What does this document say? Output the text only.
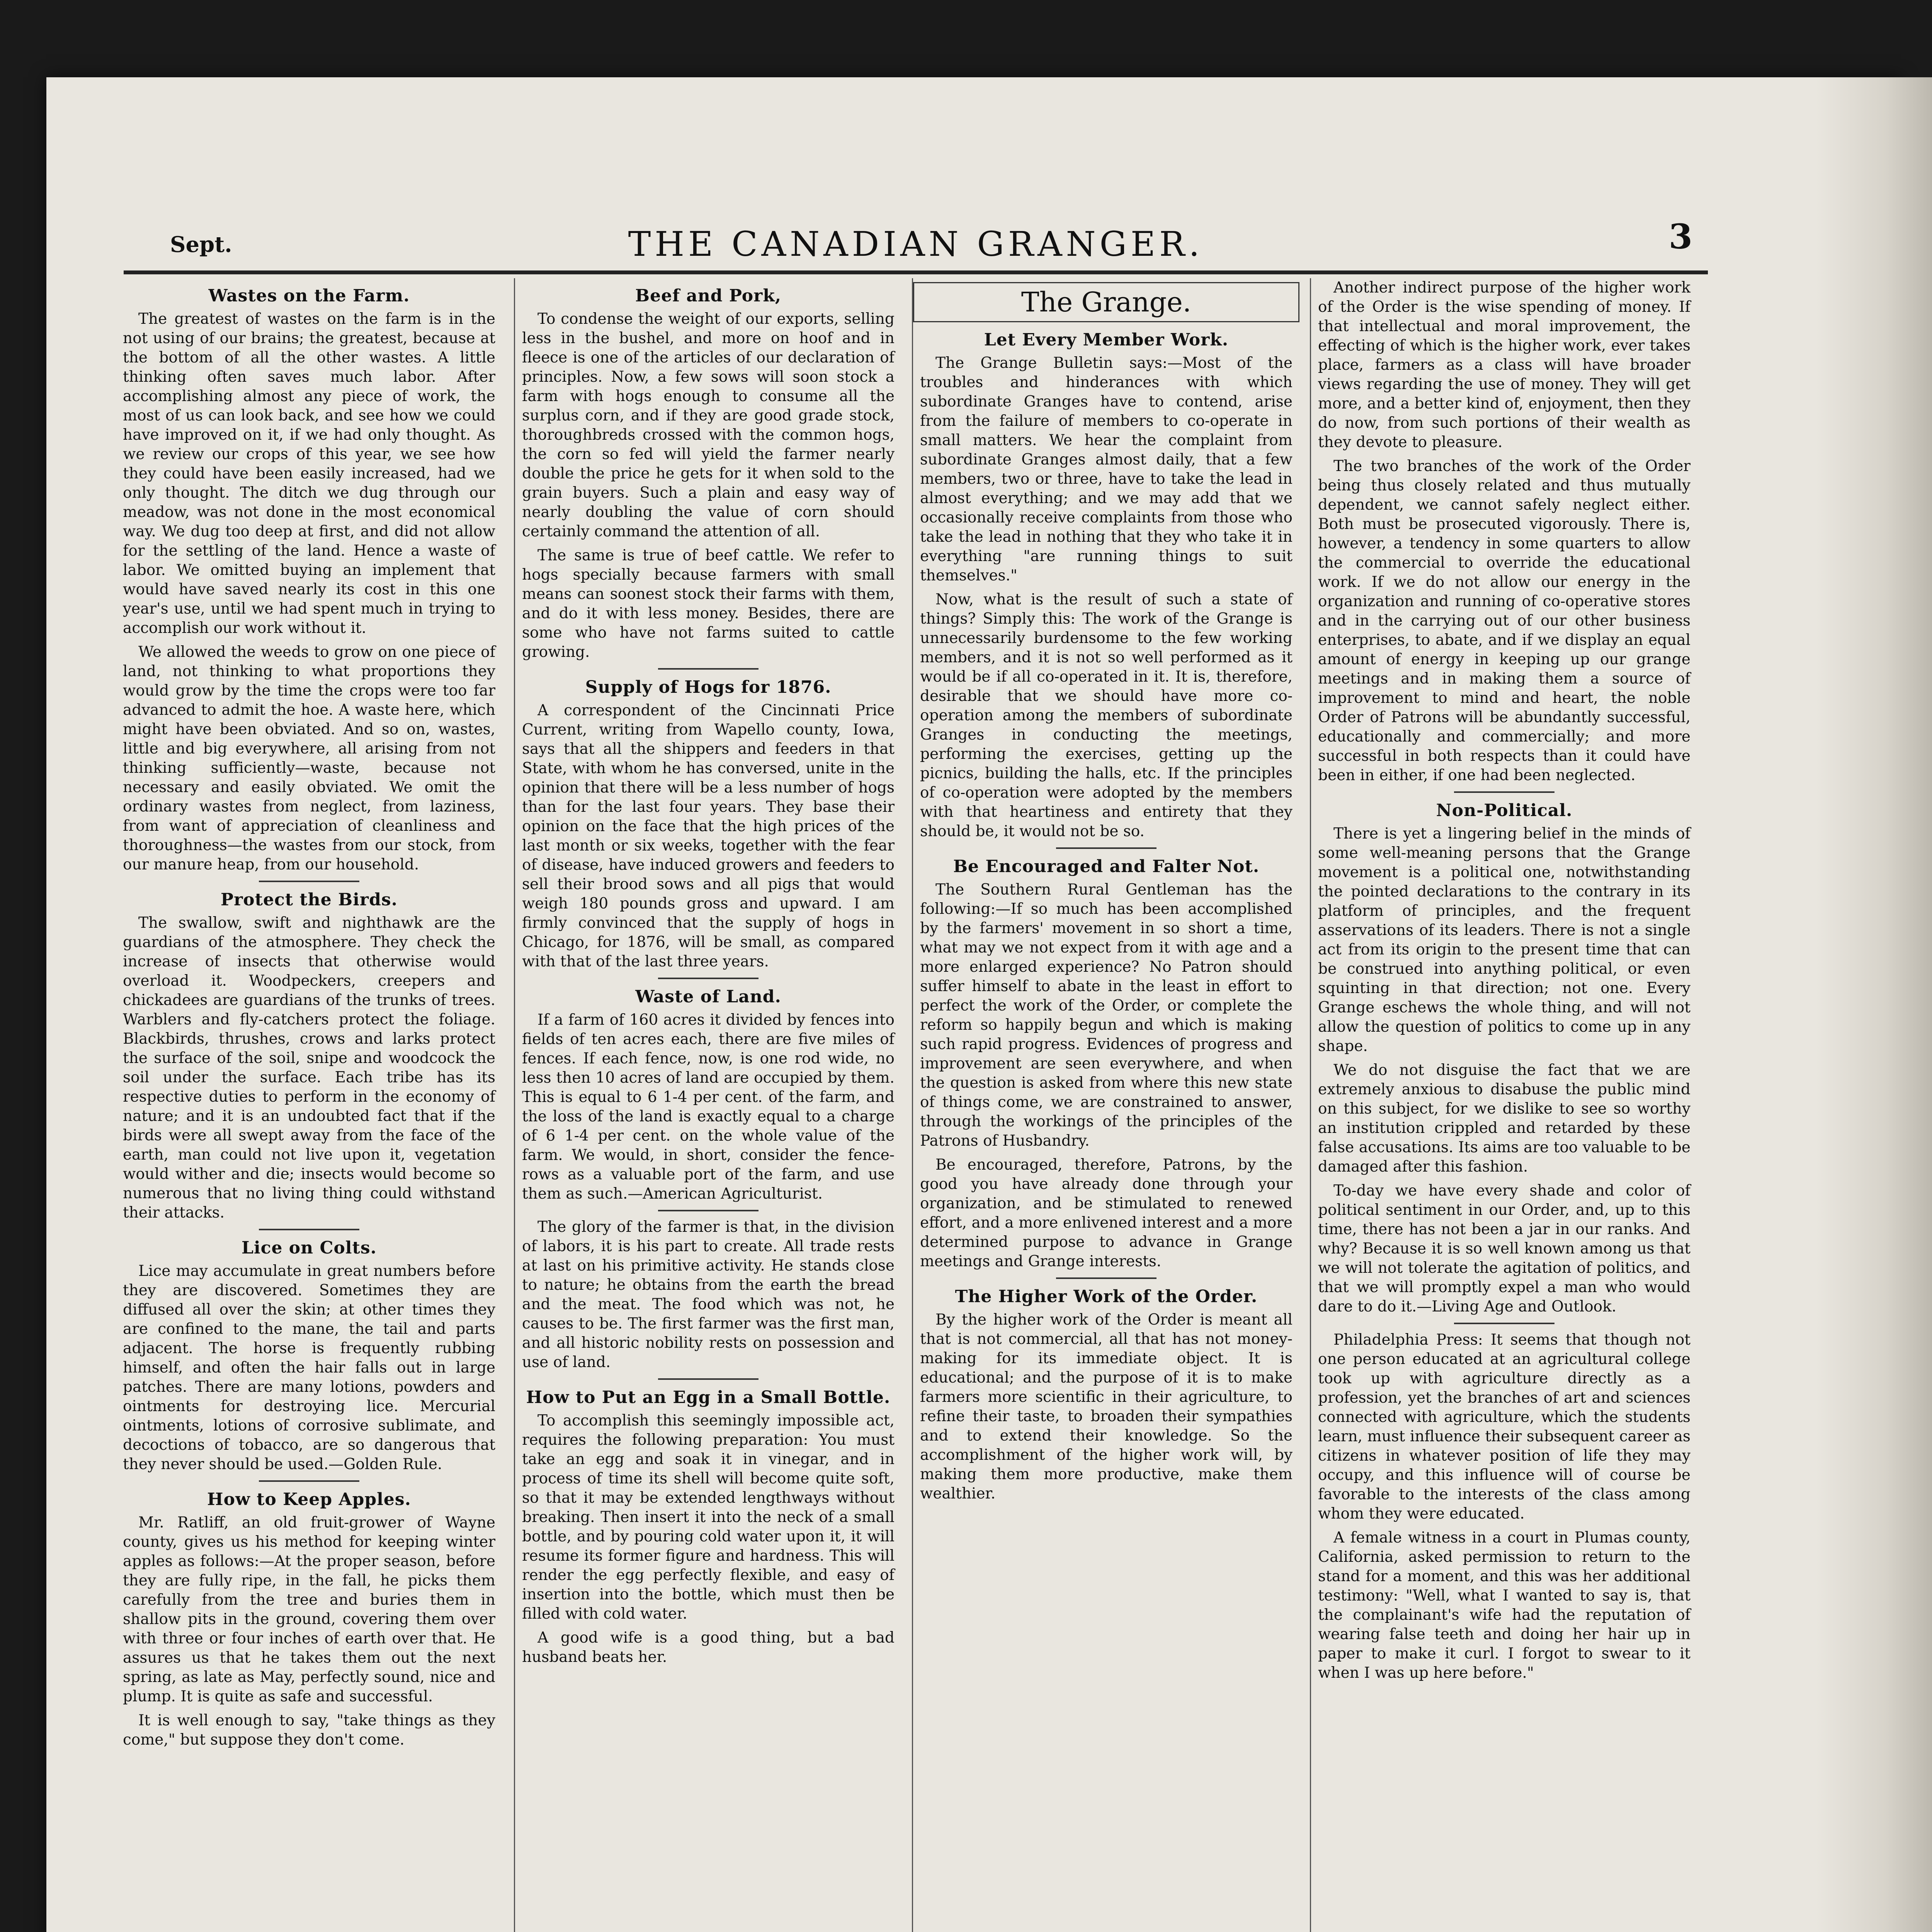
Sept.	THE CANADIAN GRANGER.	3
Wastes on the Farm.

The greatest of wastes on the farm is in the not using of our brains; the greatest, because at the bottom of all the other wastes. A little thinking often saves much labor. After accomplishing almost any piece of work, the most of us can look back, and see how we could have improved on it, if we had only thought. As we review our crops of this year, we see how they could have been easily increased, had we only thought. The ditch we dug through our meadow, was not done in the most economical way. We dug too deep at first, and did not allow for the settling of the land. Hence a waste of labor. We omitted buying an implement that would have saved nearly its cost in this one year's use, until we had spent much in trying to accomplish our work without it.

We allowed the weeds to grow on one piece of land, not thinking to what proportions they would grow by the time the crops were too far advanced to admit the hoe. A waste here, which might have been obviated. And so on, wastes, little and big everywhere, all arising from not thinking sufficiently—waste, because not necessary and easily obviated. We omit the ordinary wastes from neglect, from laziness, from want of appreciation of cleanliness and thoroughness—the wastes from our stock, from our manure heap, from our household.

Protect the Birds.

The swallow, swift and nighthawk are the guardians of the atmosphere. They check the increase of insects that otherwise would overload it. Woodpeckers, creepers and chickadees are guardians of the trunks of trees. Warblers and fly-catchers protect the foliage. Blackbirds, thrushes, crows and larks protect the surface of the soil, snipe and woodcock the soil under the surface. Each tribe has its respective duties to perform in the economy of nature; and it is an undoubted fact that if the birds were all swept away from the face of the earth, man could not live upon it, vegetation would wither and die; insects would become so numerous that no living thing could withstand their attacks.

Lice on Colts.

Lice may accumulate in great numbers before they are discovered. Sometimes they are diffused all over the skin; at other times they are confined to the mane, the tail and parts adjacent. The horse is frequently rubbing himself, and often the hair falls out in large patches. There are many lotions, powders and ointments for destroying lice. Mercurial ointments, lotions of corrosive sublimate, and decoctions of tobacco, are so dangerous that they never should be used.—Golden Rule.

How to Keep Apples.

Mr. Ratliff, an old fruit-grower of Wayne county, gives us his method for keeping winter apples as follows:—At the proper season, before they are fully ripe, in the fall, he picks them carefully from the tree and buries them in shallow pits in the ground, covering them over with three or four inches of earth over that. He assures us that he takes them out the next spring, as late as May, perfectly sound, nice and plump. It is quite as safe and successful.

It is well enough to say, "take things as they come," but suppose they don't come.

Beef and Pork,

To condense the weight of our exports, selling less in the bushel, and more on hoof and in fleece is one of the articles of our declaration of principles. Now, a few sows will soon stock a farm with hogs enough to consume all the surplus corn, and if they are good grade stock, thoroughbreds crossed with the common hogs, the corn so fed will yield the farmer nearly double the price he gets for it when sold to the grain buyers. Such a plain and easy way of nearly doubling the value of corn should certainly command the attention of all.

The same is true of beef cattle. We refer to hogs specially because farmers with small means can soonest stock their farms with them, and do it with less money. Besides, there are some who have not farms suited to cattle growing.

Supply of Hogs for 1876.

A correspondent of the Cincinnati Price Current, writing from Wapello county, Iowa, says that all the shippers and feeders in that State, with whom he has conversed, unite in the opinion that there will be a less number of hogs than for the last four years. They base their opinion on the face that the high prices of the last month or six weeks, together with the fear of disease, have induced growers and feeders to sell their brood sows and all pigs that would weigh 180 pounds gross and upward. I am firmly convinced that the supply of hogs in Chicago, for 1876, will be small, as compared with that of the last three years.

Waste of Land.

If a farm of 160 acres it divided by fences into fields of ten acres each, there are five miles of fences. If each fence, now, is one rod wide, no less then 10 acres of land are occupied by them. This is equal to 6 1-4 per cent. of the farm, and the loss of the land is exactly equal to a charge of 6 1-4 per cent. on the whole value of the farm. We would, in short, consider the fence-rows as a valuable port of the farm, and use them as such.—American Agriculturist.

The glory of the farmer is that, in the division of labors, it is his part to create. All trade rests at last on his primitive activity. He stands close to nature; he obtains from the earth the bread and the meat. The food which was not, he causes to be. The first farmer was the first man, and all historic nobility rests on possession and use of land.

How to Put an Egg in a Small Bottle.

To accomplish this seemingly impossible act, requires the following preparation: You must take an egg and soak it in vinegar, and in process of time its shell will become quite soft, so that it may be extended lengthways without breaking. Then insert it into the neck of a small bottle, and by pouring cold water upon it, it will resume its former figure and hardness. This will render the egg perfectly flexible, and easy of insertion into the bottle, which must then be filled with cold water.

A good wife is a good thing, but a bad husband beats her.

The Grange.
Let Every Member Work.

The Grange Bulletin says:—Most of the troubles and hinderances with which subordinate Granges have to contend, arise from the failure of members to co-operate in small matters. We hear the complaint from subordinate Granges almost daily, that a few members, two or three, have to take the lead in almost everything; and we may add that we occasionally receive complaints from those who take the lead in nothing that they who take it in everything "are running things to suit themselves."

Now, what is the result of such a state of things? Simply this: The work of the Grange is unnecessarily burdensome to the few working members, and it is not so well performed as it would be if all co-operated in it. It is, therefore, desirable that we should have more co-operation among the members of subordinate Granges in conducting the meetings, performing the exercises, getting up the picnics, building the halls, etc. If the principles of co-operation were adopted by the members with that heartiness and entirety that they should be, it would not be so.

Be Encouraged and Falter Not.

The Southern Rural Gentleman has the following:—If so much has been accomplished by the farmers' movement in so short a time, what may we not expect from it with age and a more enlarged experience? No Patron should suffer himself to abate in the least in effort to perfect the work of the Order, or complete the reform so happily begun and which is making such rapid progress. Evidences of progress and improvement are seen everywhere, and when the question is asked from where this new state of things come, we are constrained to answer, through the workings of the principles of the Patrons of Husbandry.

Be encouraged, therefore, Patrons, by the good you have already done through your organization, and be stimulated to renewed effort, and a more enlivened interest and a more determined purpose to advance in Grange meetings and Grange interests.

The Higher Work of the Order.

By the higher work of the Order is meant all that is not commercial, all that has not money-making for its immediate object. It is educational; and the purpose of it is to make farmers more scientific in their agriculture, to refine their taste, to broaden their sympathies and to extend their knowledge. So the accomplishment of the higher work will, by making them more productive, make them wealthier.

Another indirect purpose of the higher work of the Order is the wise spending of money. If that intellectual and moral improvement, the effecting of which is the higher work, ever takes place, farmers as a class will have broader views regarding the use of money. They will get more, and a better kind of, enjoyment, then they do now, from such portions of their wealth as they devote to pleasure.

The two branches of the work of the Order being thus closely related and thus mutually dependent, we cannot safely neglect either. Both must be prosecuted vigorously. There is, however, a tendency in some quarters to allow the commercial to override the educational work. If we do not allow our energy in the organization and running of co-operative stores and in the carrying out of our other business enterprises, to abate, and if we display an equal amount of energy in keeping up our grange meetings and in making them a source of improvement to mind and heart, the noble Order of Patrons will be abundantly successful, educationally and commercially; and more successful in both respects than it could have been in either, if one had been neglected.

Non-Political.

There is yet a lingering belief in the minds of some well-meaning persons that the Grange movement is a political one, notwithstanding the pointed declarations to the contrary in its platform of principles, and the frequent asservations of its leaders. There is not a single act from its origin to the present time that can be construed into anything political, or even squinting in that direction; not one. Every Grange eschews the whole thing, and will not allow the question of politics to come up in any shape.

We do not disguise the fact that we are extremely anxious to disabuse the public mind on this subject, for we dislike to see so worthy an institution crippled and retarded by these false accusations. Its aims are too valuable to be damaged after this fashion.

To-day we have every shade and color of political sentiment in our Order, and, up to this time, there has not been a jar in our ranks. And why? Because it is so well known among us that we will not tolerate the agitation of politics, and that we will promptly expel a man who would dare to do it.—Living Age and Outlook.

Philadelphia Press: It seems that though not one person educated at an agricultural college took up with agriculture directly as a profession, yet the branches of art and sciences connected with agriculture, which the students learn, must influence their subsequent career as citizens in whatever position of life they may occupy, and this influence will of course be favorable to the interests of the class among whom they were educated.

A female witness in a court in Plumas county, California, asked permission to return to the stand for a moment, and this was her additional testimony: "Well, what I wanted to say is, that the complainant's wife had the reputation of wearing false teeth and doing her hair up in paper to make it curl. I forgot to swear to it when I was up here before."
